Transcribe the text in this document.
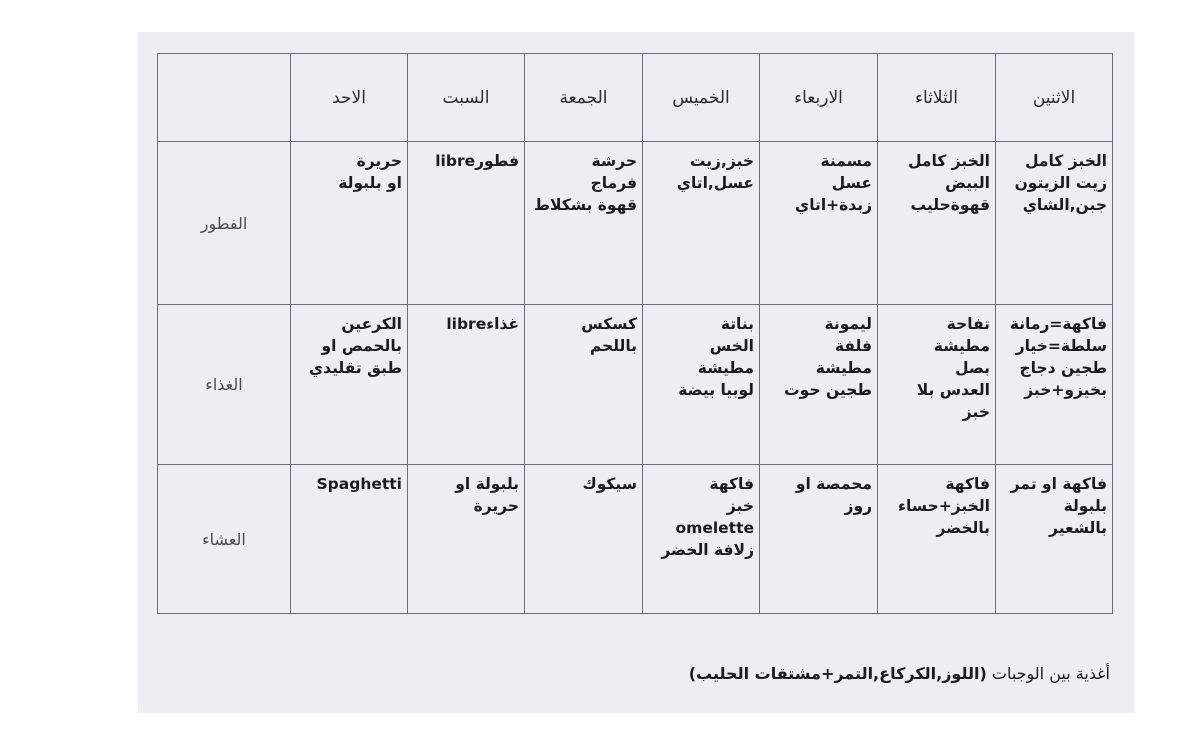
الاثنين	الثلاثاء	الاربعاء	الخميس	الجمعة	السبت	الاحد	

الخبز كامل
زيت الزيتون
جبن,الشاي	الخبز كامل
البيض
قهوةحليب	مسمنة
عسل
زبدة+اتاي	خبز,زيت
عسل,اتاي	حرشة
فرماج
قهوة بشكلاط	فطورlibre	حريرة
او بلبولة	الفطور

فاكهة=رمانة
سلطة=خيار
طجين دجاج
بخيزو+خبز	تفاحة
مطيشة
بصل
العدس بلا
خبز	ليمونة
فلفة
مطيشة
طجين حوت	بناتة
الخس
مطيشة
لوبيا بيضة	كسكس
باللحم	غذاءlibre	الكرعين
بالحمص او
طبق تقليدي	الغذاء

فاكهة او تمر
بلبولة
بالشعير	فاكهة
الخبز+حساء
بالخضر	محمصة او
روز	فاكهة
خبز
omelette
زلافة الخضر	سيكوك	بلبولة او
حريرة	Spaghetti	العشاء
أغذية بين الوجبات (اللوز,الكركاع,التمر+مشتقات الحليب)
